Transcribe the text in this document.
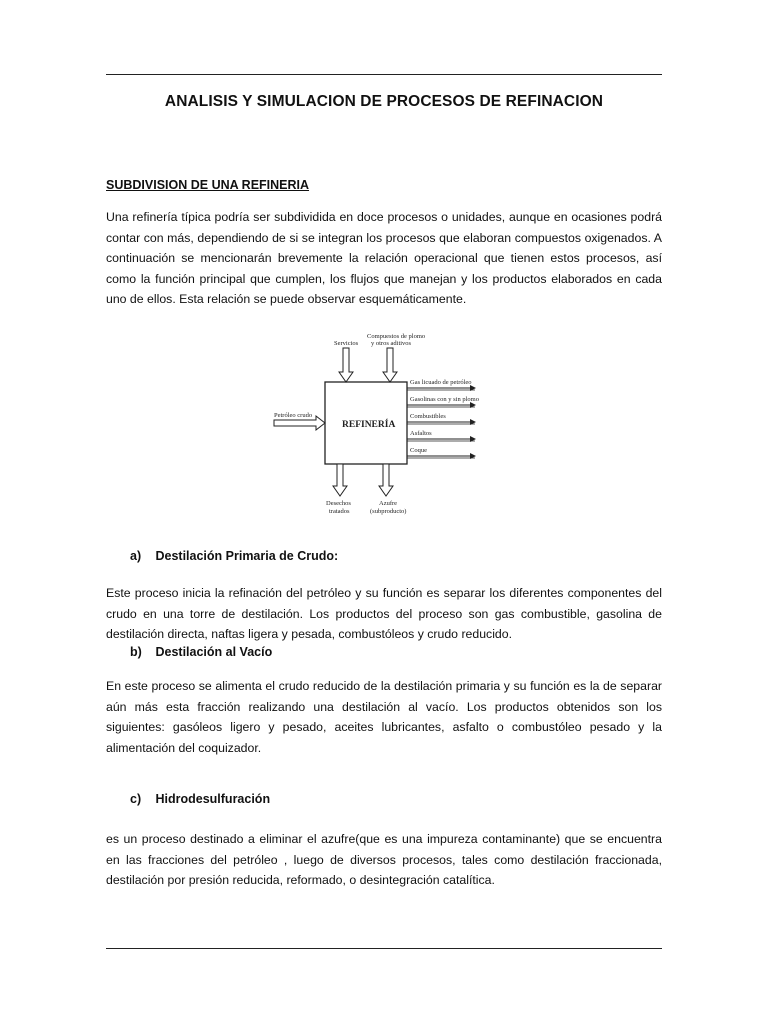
ANALISIS Y SIMULACION DE PROCESOS DE REFINACION
SUBDIVISION DE UNA REFINERIA
Una refinería típica podría ser subdividida en doce procesos o unidades, aunque en ocasiones podrá contar con más, dependiendo de si se integran los procesos que elaboran compuestos oxigenados. A continuación se mencionarán brevemente la relación operacional que tienen estos procesos, así como la función principal que cumplen, los flujos que manejan y los productos elaborados en cada uno de ellos. Esta relación se puede observar esquemáticamente.
REFINERÍA
Servicios
Compuestos de plomo
y otros aditivos
Petróleo crudo
Gas licuado de petróleo
Gasolinas con y sin plomo
Combustibles
Asfaltos
Coque
Desechos
tratados
Azufre
(subproducto)
a) Destilación Primaria de Crudo:
Este proceso inicia la refinación del petróleo y su función es separar los diferentes componentes del crudo en una torre de destilación. Los productos del proceso son gas combustible, gasolina de destilación directa, naftas ligera y pesada, combustóleos y crudo reducido.
b) Destilación al Vacío
En este proceso se alimenta el crudo reducido de la destilación primaria y su función es la de separar aún más esta fracción realizando una destilación al vacío. Los productos obtenidos son los siguientes: gasóleos ligero y pesado, aceites lubricantes, asfalto o combustóleo pesado y la alimentación del coquizador.
c) Hidrodesulfuración
es un proceso destinado a eliminar el azufre(que es una impureza contaminante) que se encuentra en las fracciones del petróleo , luego de diversos procesos, tales como destilación fraccionada, destilación por presión reducida, reformado, o desintegración catalítica.
